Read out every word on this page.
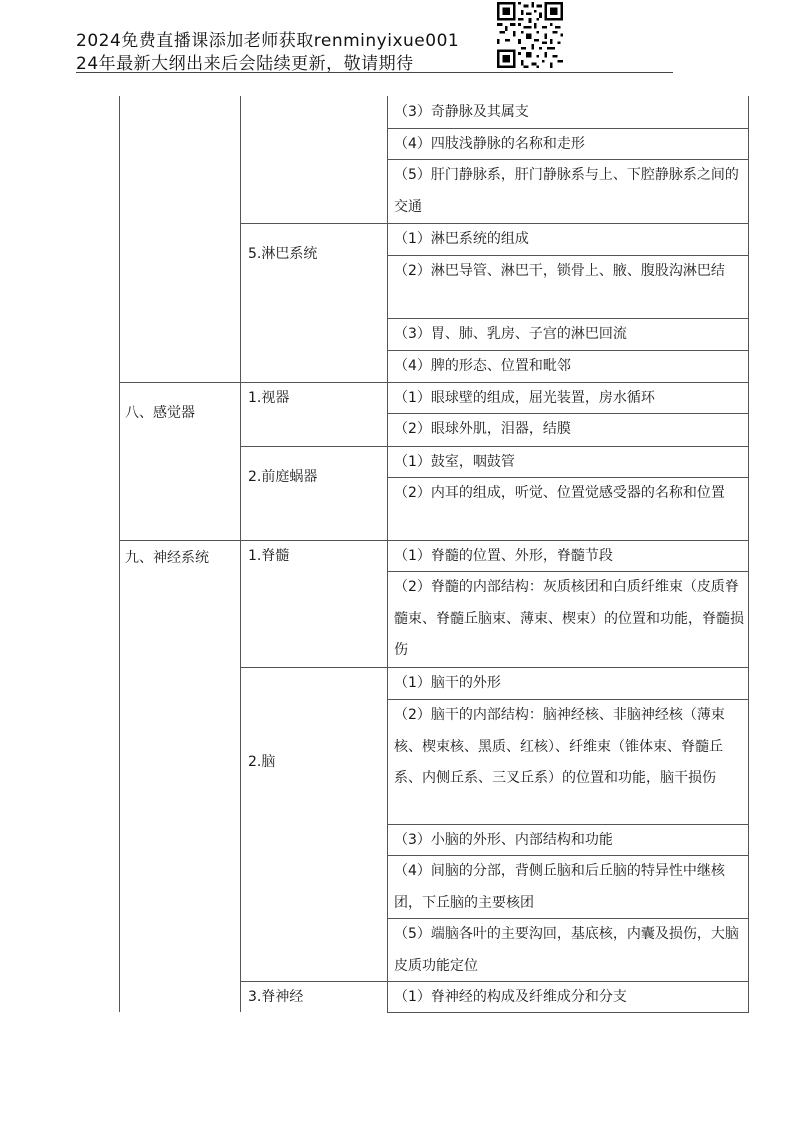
2024免费直播课添加老师获取renminyixue001
24年最新大纲出来后会陆续更新，敬请期待
八、感觉器
九、神经系统
5.淋巴系统
1.视器
2.前庭蜗器
1.脊髓
2.脑
3.脊神经
（3）奇静脉及其属支
（4）四肢浅静脉的名称和走形
（5）肝门静脉系，肝门静脉系与上、下腔静脉系之间的交通
（1）淋巴系统的组成
（2）淋巴导管、淋巴干，锁骨上、腋、腹股沟淋巴结
（3）胃、肺、乳房、子宫的淋巴回流
（4）脾的形态、位置和毗邻
（1）眼球壁的组成，屈光装置，房水循环
（2）眼球外肌，泪器，结膜
（1）鼓室，咽鼓管
（2）内耳的组成，听觉、位置觉感受器的名称和位置
（1）脊髓的位置、外形，脊髓节段
（2）脊髓的内部结构：灰质核团和白质纤维束（皮质脊髓束、脊髓丘脑束、薄束、楔束）的位置和功能，脊髓损伤
（1）脑干的外形
（2）脑干的内部结构：脑神经核、非脑神经核（薄束核、楔束核、黑质、红核）、纤维束（锥体束、脊髓丘系、内侧丘系、三叉丘系）的位置和功能，脑干损伤
（3）小脑的外形、内部结构和功能
（4）间脑的分部，背侧丘脑和后丘脑的特异性中继核团，下丘脑的主要核团
（5）端脑各叶的主要沟回，基底核，内囊及损伤，大脑皮质功能定位
（1）脊神经的构成及纤维成分和分支
